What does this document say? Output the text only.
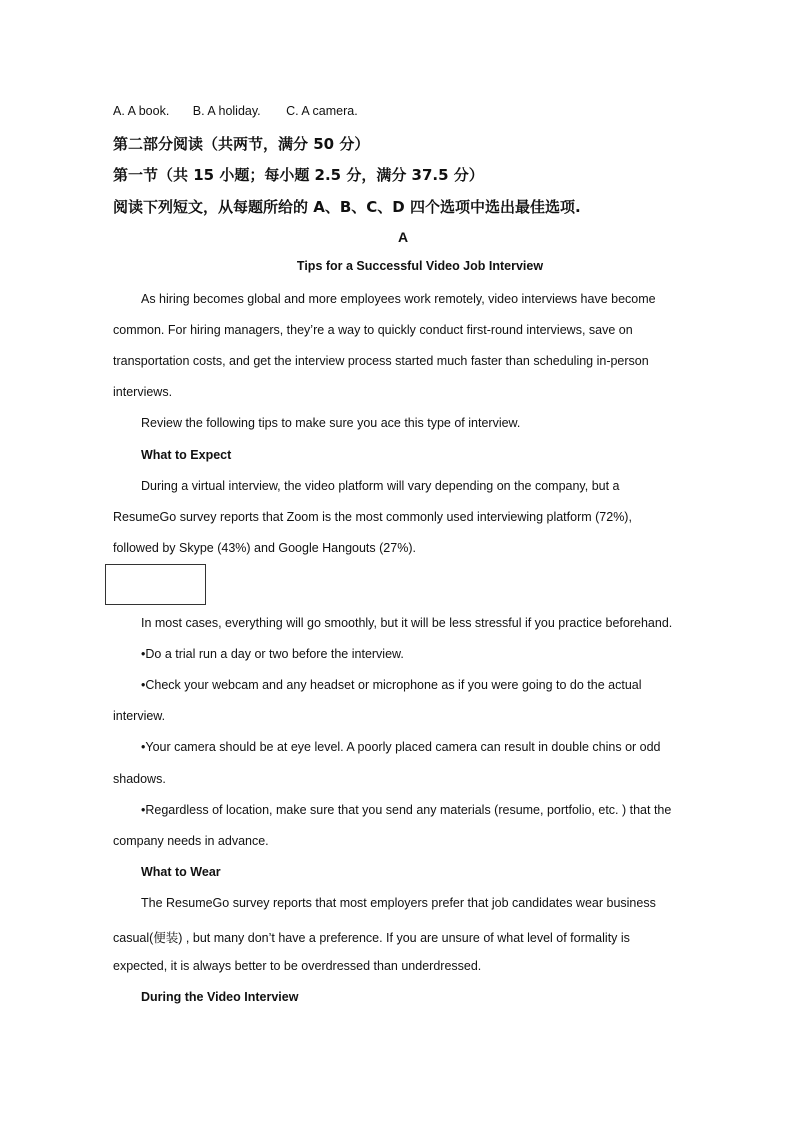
A. A book. B. A holiday. C. A camera.
第二部分阅读（共两节，满分 50 分）
第一节（共 15 小题；每小题 2.5 分，满分 37.5 分）
阅读下列短文，从每题所给的 A、B、C、D 四个选项中选出最佳选项.
A
Tips for a Successful Video Job Interview
As hiring becomes global and more employees work remotely, video interviews have become
common. For hiring managers, they’re a way to quickly conduct first-round interviews, save on
transportation costs, and get the interview process started much faster than scheduling in-person
interviews.
Review the following tips to make sure you ace this type of interview.
What to Expect
During a virtual interview, the video platform will vary depending on the company, but a
ResumeGo survey reports that Zoom is the most commonly used interviewing platform (72%),
followed by Skype (43%) and Google Hangouts (27%).
In most cases, everything will go smoothly, but it will be less stressful if you practice beforehand.
•Do a trial run a day or two before the interview.
•Check your webcam and any headset or microphone as if you were going to do the actual
interview.
•Your camera should be at eye level. A poorly placed camera can result in double chins or odd
shadows.
•Regardless of location, make sure that you send any materials (resume, portfolio, etc. ) that the
company needs in advance.
What to Wear
The ResumeGo survey reports that most employers prefer that job candidates wear business
casual(便装) , but many don’t have a preference. If you are unsure of what level of formality is
expected, it is always better to be overdressed than underdressed.
During the Video Interview
